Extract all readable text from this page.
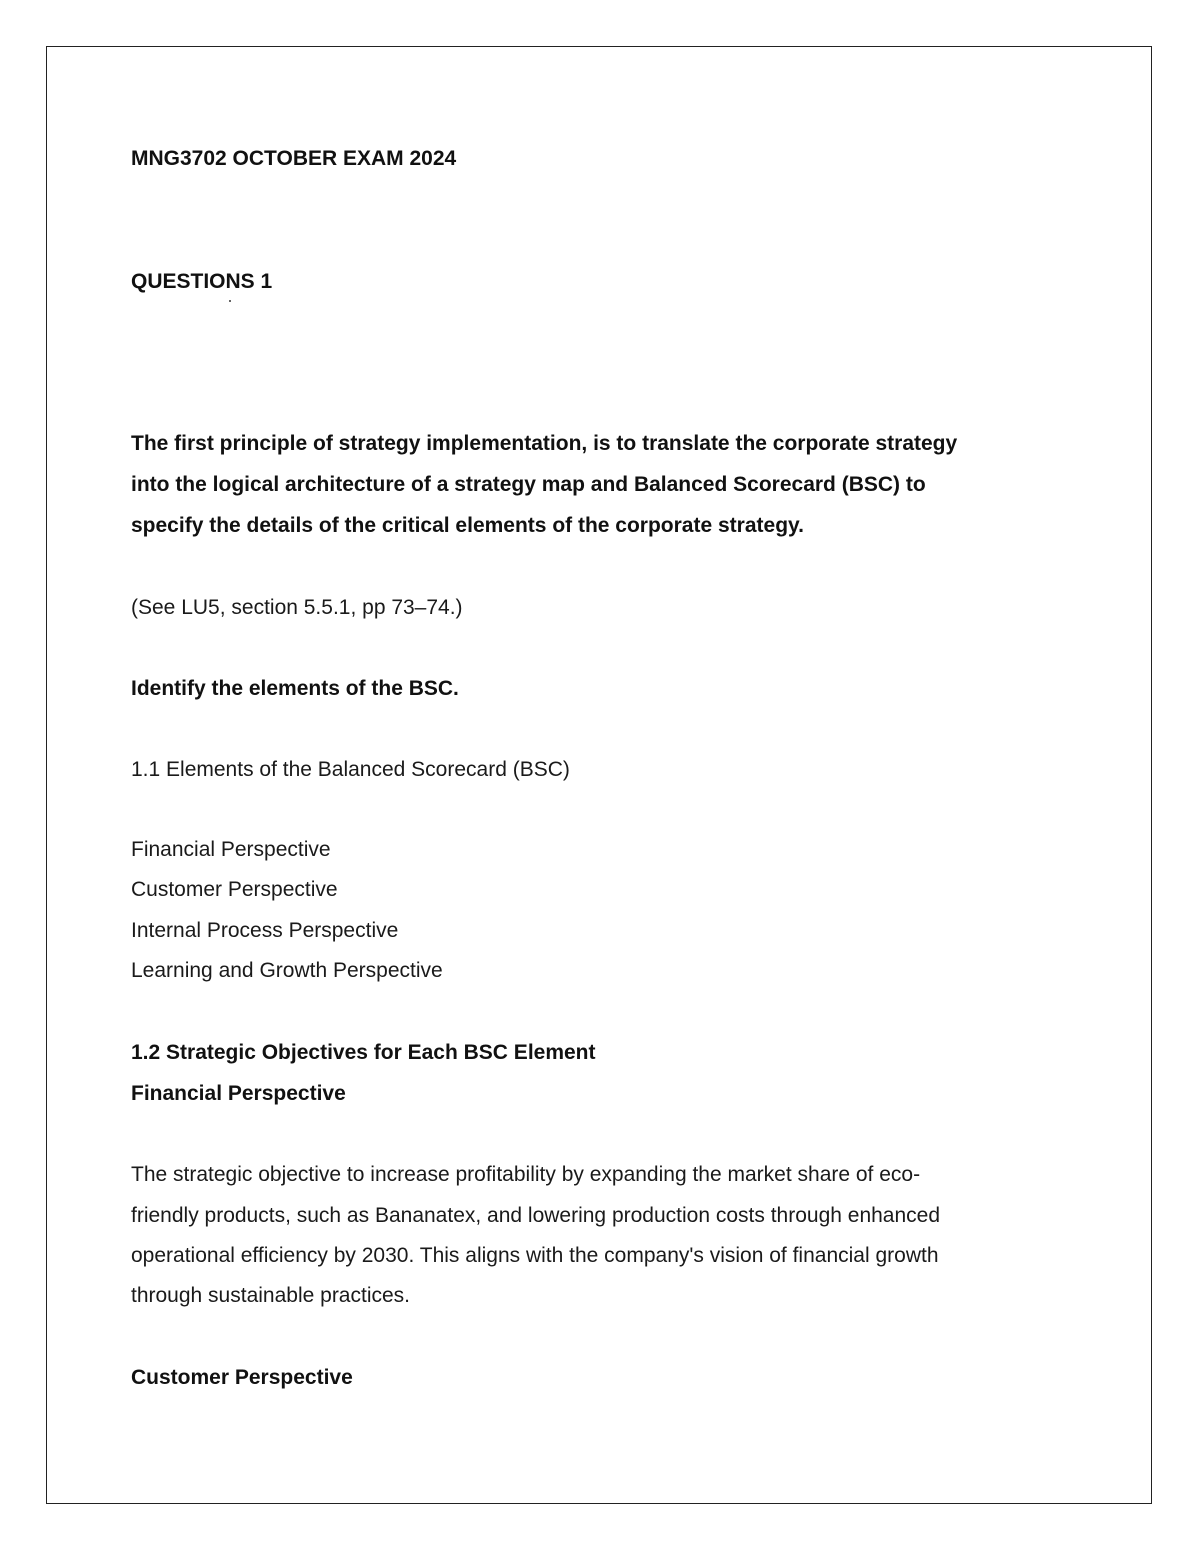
MNG3702 OCTOBER EXAM 2024

QUESTIONS 1

The first principle of strategy implementation, is to translate the corporate strategy

into the logical architecture of a strategy map and Balanced Scorecard (BSC) to

specify the details of the critical elements of the corporate strategy.

(See LU5, section 5.5.1, pp 73–74.)

Identify the elements of the BSC.

1.1 Elements of the Balanced Scorecard (BSC)

Financial Perspective

Customer Perspective

Internal Process Perspective

Learning and Growth Perspective

1.2 Strategic Objectives for Each BSC Element

Financial Perspective

The strategic objective to increase profitability by expanding the market share of eco-

friendly products, such as Bananatex, and lowering production costs through enhanced

operational efficiency by 2030. This aligns with the company's vision of financial growth

through sustainable practices.

Customer Perspective
